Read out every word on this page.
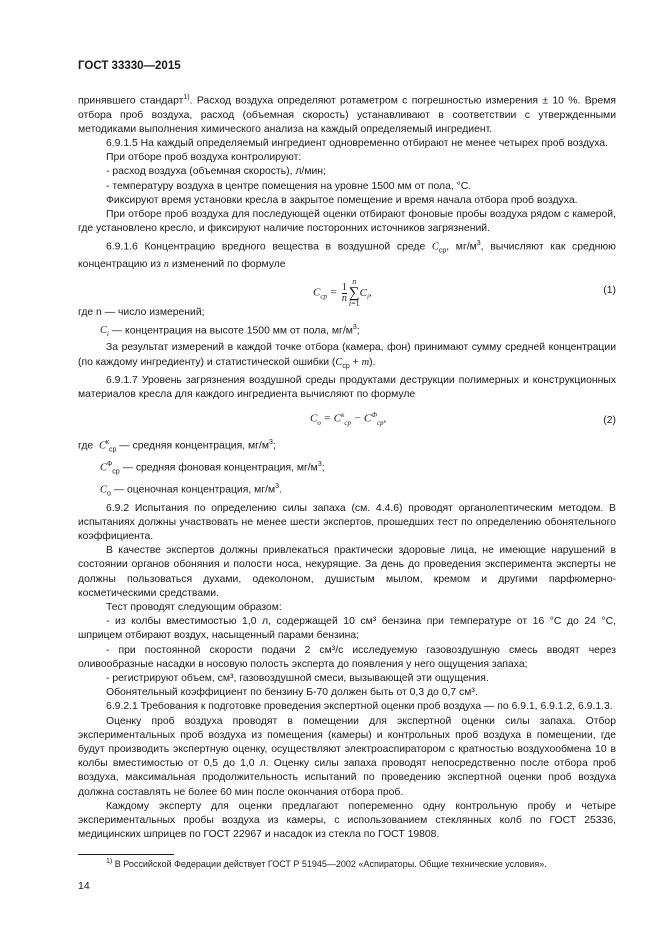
ГОСТ 33330—2015

принявшего стандарт$^{1)}$. Расход воздуха определяют ротаметром с погрешностью измерения ± 10 %. Время отбора проб воздуха, расход (объемная скорость) устанавливают в соответствии с утвержденными методиками выполнения химического анализа на каждый определяемый ингредиент.

6.9.1.5 На каждый определяемый ингредиент одновременно отбирают не менее четырех проб воздуха.

При отборе проб воздуха контролируют:

- расход воздуха (объемная скорость), л/мин;

- температуру воздуха в центре помещения на уровне 1500 мм от пола, °С.

Фиксируют время установки кресла в закрытое помещение и время начала отбора проб воздуха.

При отборе проб воздуха для последующей оценки отбирают фоновые пробы воздуха рядом с камерой, где установлено кресло, и фиксируют наличие посторонних источников загрязнений.

6.9.1.6 Концентрацию вредного вещества в воздушной среде $C_{ср}$, $мг/м^3$, вычисляют как среднюю концентрацию из n изменений по формуле

$C_{ср} = \frac{1}{n}$
n
∑
i=1
$C_i$,	(1)

где n — число измерений;

$C_i$ — концентрация на высоте 1500 мм от пола, $мг/м^3$;

За результат измерений в каждой точке отбора (камера, фон) принимают сумму средней концентрации (по каждому ингредиенту) и статистической ошибки $(C_{ср} + m)$.

6.9.1.7 Уровень загрязнения воздушной среды продуктами деструкции полимерных и конструкционных материалов кресла для каждого ингредиента вычисляют по формуле

$C_о = C^к_{ср} - C^Ф_{ср}$,	(2)

где  $C^к_{ср}$ — средняя концентрация, $мг/м^3$;

$C^Ф_{ср}$ — средняя фоновая концентрация, $мг/м^3$;

$C_о$ — оценочная концентрация, $мг/м^3$.

6.9.2 Испытания по определению силы запаха (см. 4.4.6) проводят органолептическим методом. В испытаниях должны участвовать не менее шести экспертов, прошедших тест по определению обонятельного коэффициента.

В качестве экспертов должны привлекаться практически здоровые лица, не имеющие нарушений в состоянии органов обоняния и полости носа, некурящие. За день до проведения эксперимента эксперты не должны пользоваться духами, одеколоном, душистым мылом, кремом и другими парфюмерно-косметическими средствами.

Тест проводят следующим образом:

- из колбы вместимостью 1,0 л, содержащей 10 см³ бензина при температуре от 16 °С до 24 °С, шприцем отбирают воздух, насыщенный парами бензина;

- при постоянной скорости подачи 2 см³/с исследуемую газовоздушную смесь вводят через оливообразные насадки в носовую полость эксперта до появления у него ощущения запаха;

- регистрируют объем, см³, газовоздушной смеси, вызывающей эти ощущения.

Обонятельный коэффициент по бензину Б-70 должен быть от 0,3 до 0,7 см³.

6.9.2.1 Требования к подготовке проведения экспертной оценки проб воздуха — по 6.9.1, 6.9.1.2, 6.9.1.3.

Оценку проб воздуха проводят в помещении для экспертной оценки силы запаха. Отбор экспериментальных проб воздуха из помещения (камеры) и контрольных проб воздуха в помещении, где будут производить экспертную оценку, осуществляют электроаспиратором с кратностью воздухообмена 10 в колбы вместимостью от 0,5 до 1,0 л. Оценку силы запаха проводят непосредственно после отбора проб воздуха, максимальная продолжительность испытаний по проведению экспертной оценки проб воздуха должна составлять не более 60 мин после окончания отбора проб.

Каждому эксперту для оценки предлагают попеременно одну контрольную пробу и четыре экспериментальных пробы воздуха из камеры, с использованием стеклянных колб по ГОСТ 25336, медицинских шприцев по ГОСТ 22967 и насадок из стекла по ГОСТ 19808.

$^{1)}$ В Российской Федерации действует ГОСТ Р 51945—2002 «Аспираторы. Общие технические условия».
14
